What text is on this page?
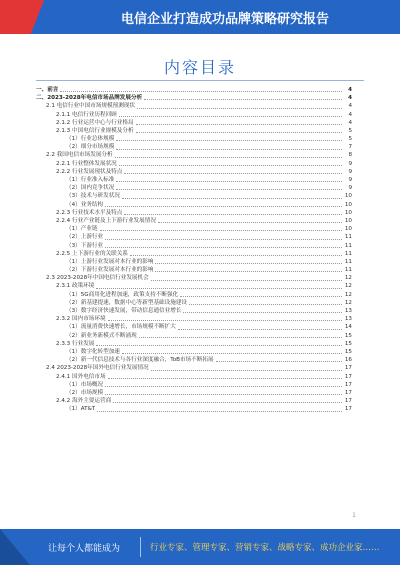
电信企业打造成功品牌策略研究报告
内容目录
一、前言	4
二、2023-2028年电信市场品牌发展分析	4
2.1 电信行业中国市场规模预测现状	4
2.1.1 电信行业历程回顾	4
2.1.2 行业运营中心与行业格局	4
2.1.3 中国电信行业规模及分析	5
（1）行业总体规模	5
（2）细分市场规模	7
2.2 我国电信市场发展分析	8
2.2.1 行业整体发展状况	9
2.2.2 行业发展现状及特点	9
（1）行业准入标准	9
（2）国内竞争状况	9
（3）技术与研发状况	10
（4）业务结构	10
2.2.3 行业技术水平及特点	10
2.2.4 行业产业链及上下游行业发展情况	10
（1）产业链	10
（2）上游行业	11
（3）下游行业	11
2.2.5 上下游行业的关联关系	11
（1）上游行业发展对本行业的影响	11
（2）下游行业发展对本行业的影响	11
2.3 2023-2028年中国电信行业发展机会	12
2.3.1 政策环境	12
（1）5G商用化进程加速，政策支持不断强化	12
（2）新基建提速，数据中心等新型基础设施建设	12
（3）数字经济快速发展，带动信息通信业增长	13
2.3.2 国内市场环境	13
（1）流量消费快速增长，市场规模不断扩大	14
（2）新业务新模式不断涌现	15
2.3.3 行业发展	15
（1）数字化转型加速	15
（2）新一代信息技术与各行业深度融合，ToB市场不断拓展	16
2.4 2023-2028年国外电信行业发展情况	17
2.4.1 国外电信市场	17
（1）市场概况	17
（2）市场规模	17
2.4.2 海外主要运营商	17
（1）AT&T	17
1
让每个人都能成为	行业专家、管理专家、营销专家、战略专家、成功企业家……
